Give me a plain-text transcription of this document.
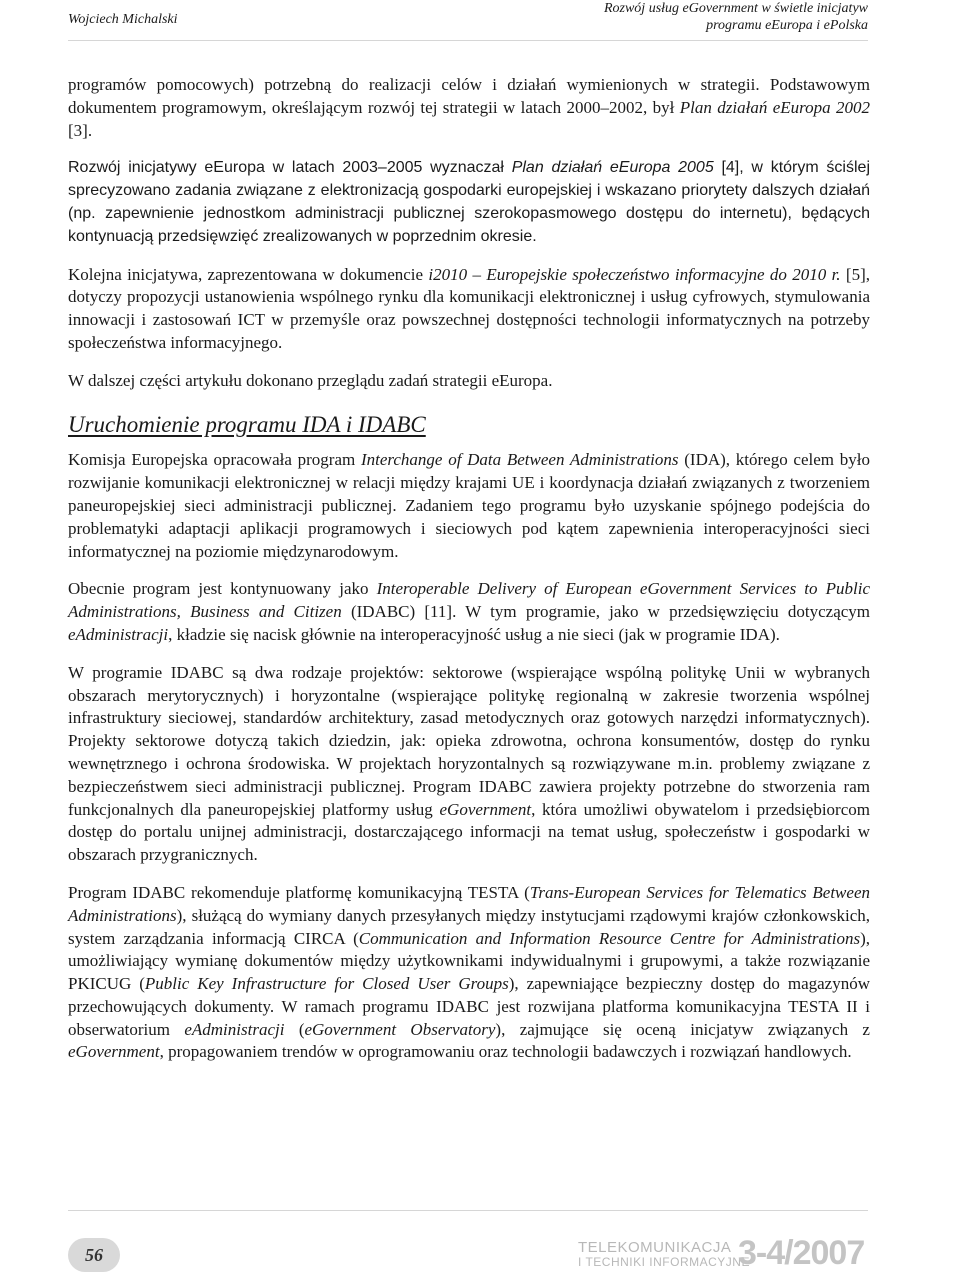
Wojciech Michalski
Rozwój usług eGovernment w świetle inicjatyw
programu eEuropa i ePolska

programów pomocowych) potrzebną do realizacji celów i działań wymienionych w strategii. Podstawowym dokumentem programowym, określającym rozwój tej strategii w latach 2000–2002, był Plan działań eEuropa 2002 [3].

Rozwój inicjatywy eEuropa w latach 2003–2005 wyznaczał Plan działań eEuropa 2005 [4], w którym ściślej sprecyzowano zadania związane z elektronizacją gospodarki europejskiej i wskazano priorytety dalszych działań (np. zapewnienie jednostkom administracji publicznej szerokopasmowego dostępu do internetu), będących kontynuacją przedsięwzięć zrealizowanych w poprzednim okresie.

Kolejna inicjatywa, zaprezentowana w dokumencie i2010 – Europejskie społeczeństwo informacyjne do 2010 r. [5], dotyczy propozycji ustanowienia wspólnego rynku dla komunikacji elektronicznej i usług cyfrowych, stymulowania innowacji i zastosowań ICT w przemyśle oraz powszechnej dostępności technologii informatycznych na potrzeby społeczeństwa informacyjnego.

W dalszej części artykułu dokonano przeglądu zadań strategii eEuropa.

Uruchomienie programu IDA i IDABC

Komisja Europejska opracowała program Interchange of Data Between Administrations (IDA), którego celem było rozwijanie komunikacji elektronicznej w relacji między krajami UE i koordynacja działań związanych z tworzeniem paneuropejskiej sieci administracji publicznej. Zadaniem tego programu było uzyskanie spójnego podejścia do problematyki adaptacji aplikacji programowych i sieciowych pod kątem zapewnienia interoperacyjności sieci informatycznej na poziomie międzynarodowym.

Obecnie program jest kontynuowany jako Interoperable Delivery of European eGovernment Services to Public Administrations, Business and Citizen (IDABC) [11]. W tym programie, jako w przedsięwzięciu dotyczącym eAdministracji, kładzie się nacisk głównie na interoperacyjność usług a nie sieci (jak w programie IDA).

W programie IDABC są dwa rodzaje projektów: sektorowe (wspierające wspólną politykę Unii w wybranych obszarach merytorycznych) i horyzontalne (wspierające politykę regionalną w zakresie tworzenia wspólnej infrastruktury sieciowej, standardów architektury, zasad metodycznych oraz gotowych narzędzi informatycznych). Projekty sektorowe dotyczą takich dziedzin, jak: opieka zdrowotna, ochrona konsumentów, dostęp do rynku wewnętrznego i ochrona środowiska. W projektach horyzontalnych są rozwiązywane m.in. problemy związane z bezpieczeństwem sieci administracji publicznej. Program IDABC zawiera projekty potrzebne do stworzenia ram funkcjonalnych dla paneuropejskiej platformy usług eGovernment, która umożliwi obywatelom i przedsiębiorcom dostęp do portalu unijnej administracji, dostarczającego informacji na temat usług, społeczeństw i gospodarki w obszarach przygranicznych.

Program IDABC rekomenduje platformę komunikacyjną TESTA (Trans-European Services for Telematics Between Administrations), służącą do wymiany danych przesyłanych między instytucjami rządowymi krajów członkowskich, system zarządzania informacją CIRCA (Communication and Information Resource Centre for Administrations), umożliwiający wymianę dokumentów między użytkownikami indywidualnymi i grupowymi, a także rozwiązanie PKICUG (Public Key Infrastructure for Closed User Groups), zapewniające bezpieczny dostęp do magazynów przechowujących dokumenty. W ramach programu IDABC jest rozwijana platforma komunikacyjna TESTA II i obserwatorium eAdministracji (eGovernment Observatory), zajmujące się oceną inicjatyw związanych z eGovernment, propagowaniem trendów w oprogramowaniu oraz technologii badawczych i rozwiązań handlowych.

56	TELEKOMUNIKACJA
I TECHNIKI INFORMACYJNE
3-4/2007
